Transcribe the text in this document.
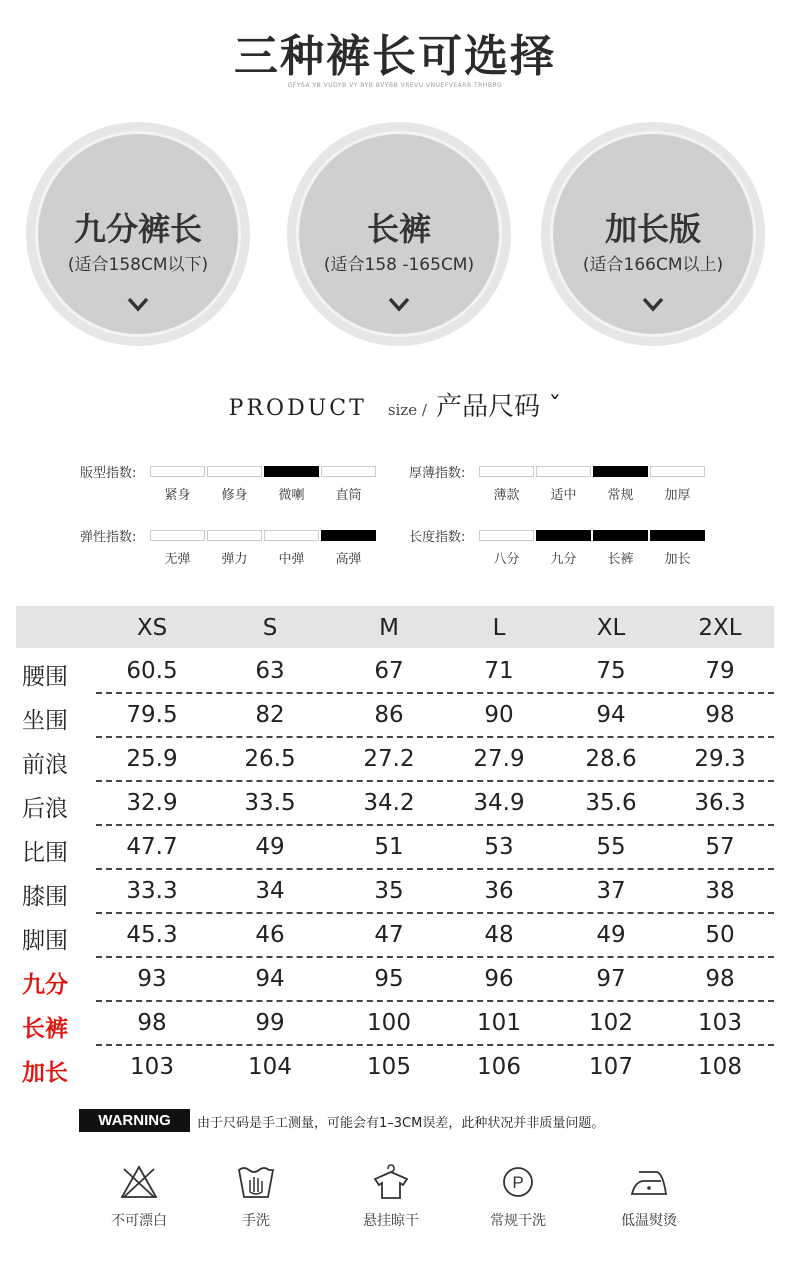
三种裤长可选择
GFYSA YB VUDYB VY BYB BVYBB VREVU VNUEFVEARB TRHBRG
九分裤长
(适合158CM以下)
长裤
(适合158 -165CM)
加长版
(适合166CM以上)
PRODUCT size / 产品尺码 ˇ
版型指数:
紧身	修身	微喇	直筒
厚薄指数:
薄款	适中	常规	加厚
弹性指数:
无弹	弹力	中弹	高弹
长度指数:
八分	九分	长裤	加长
XS	S	M	L	XL	2XL
腰围	60.5	63	67	71	75	79
坐围	79.5	82	86	90	94	98
前浪	25.9	26.5	27.2	27.9	28.6	29.3
后浪	32.9	33.5	34.2	34.9	35.6	36.3
比围	47.7	49	51	53	55	57
膝围	33.3	34	35	36	37	38
脚围	45.3	46	47	48	49	50
九分	93	94	95	96	97	98
长裤	98	99	100	101	102	103
加长	103	104	105	106	107	108
WARNING	由于尺码是手工测量，可能会有1–3CM误差，此种状况并非质量问题。
不可漂白	手洗	悬挂晾干
P
常规干洗	低温熨烫
